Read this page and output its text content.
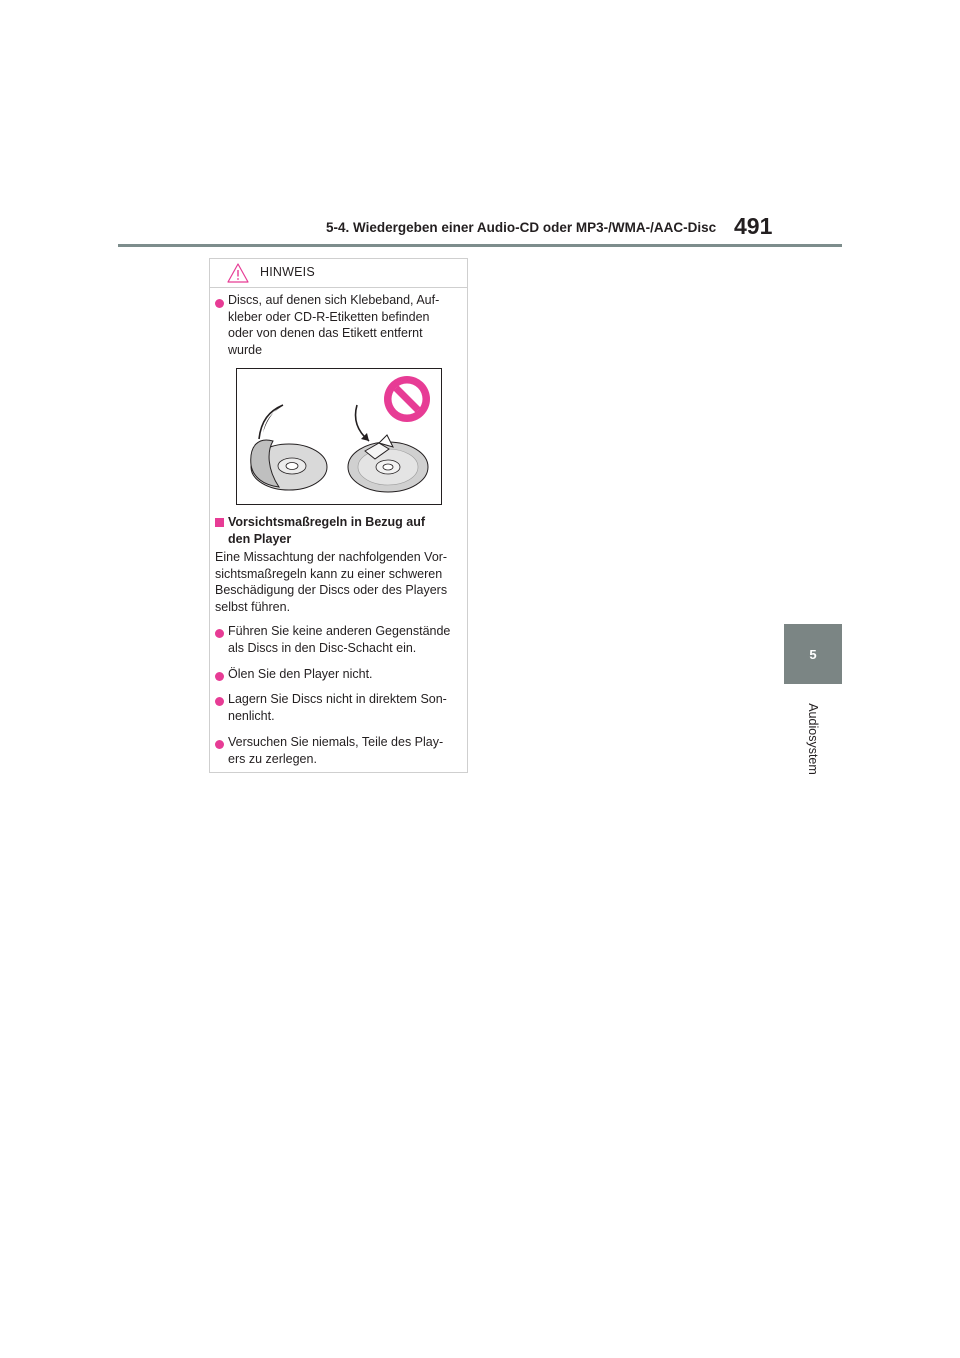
5-4. Wiedergeben einer Audio-CD oder MP3-/WMA-/AAC-Disc 491
5
Audiosystem
HINWEIS
Discs, auf denen sich Klebeband, Auf-
kleber oder CD-R-Etiketten befinden
oder von denen das Etikett entfernt
wurde
Vorsichtsmaßregeln in Bezug auf
den Player
Eine Missachtung der nachfolgenden Vor-
sichtsmaßregeln kann zu einer schweren
Beschädigung der Discs oder des Players
selbst führen.
Führen Sie keine anderen Gegenstände
als Discs in den Disc-Schacht ein.
Ölen Sie den Player nicht.
Lagern Sie Discs nicht in direktem Son-
nenlicht.
Versuchen Sie niemals, Teile des Play-
ers zu zerlegen.
